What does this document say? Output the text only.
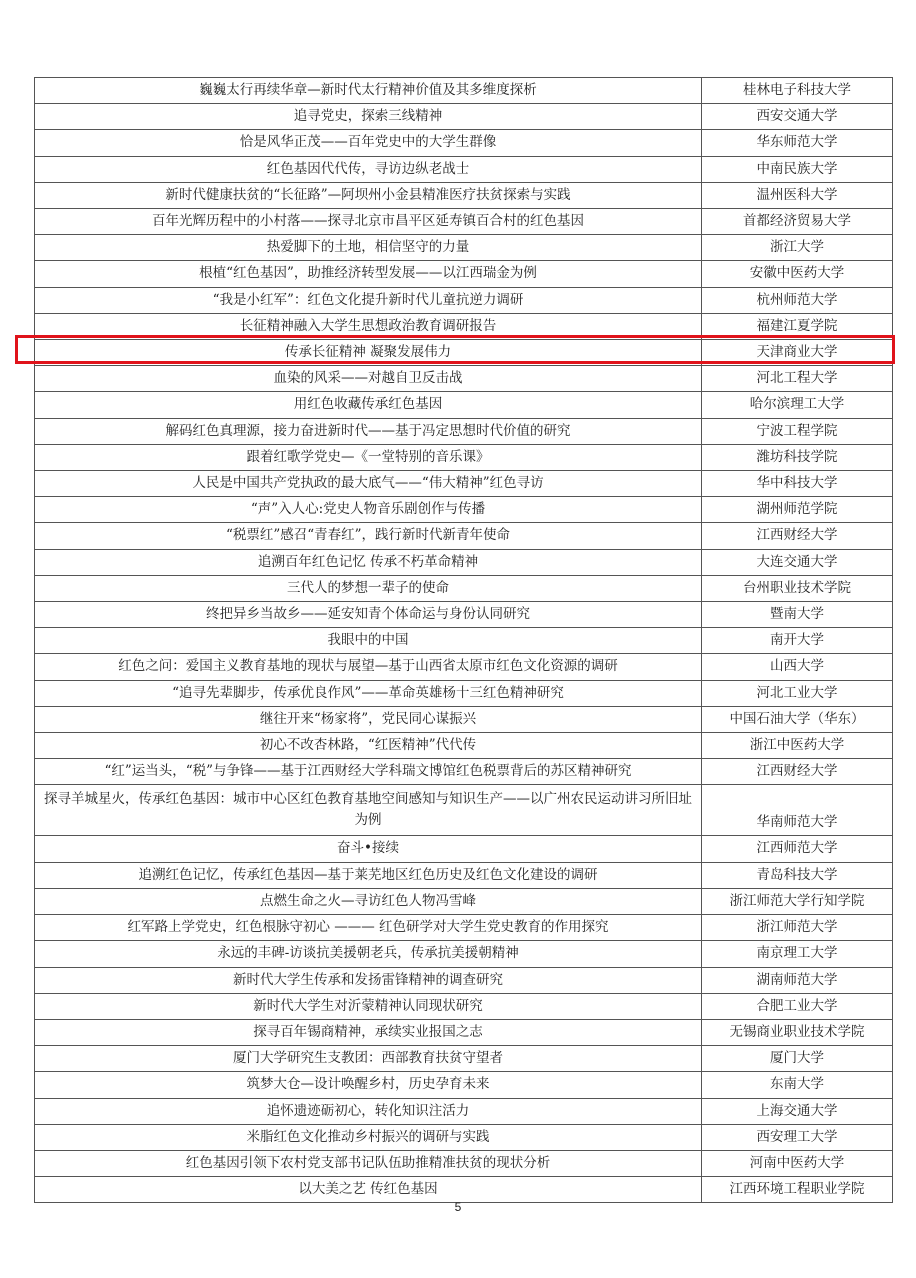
巍巍太行再续华章—新时代太行精神价值及其多维度探析	桂林电子科技大学
追寻党史，探索三线精神	西安交通大学
恰是风华正茂——百年党史中的大学生群像	华东师范大学
红色基因代代传，寻访边纵老战士	中南民族大学
新时代健康扶贫的“长征路”—阿坝州小金县精准医疗扶贫探索与实践	温州医科大学
百年光辉历程中的小村落——探寻北京市昌平区延寿镇百合村的红色基因	首都经济贸易大学
热爱脚下的土地，相信坚守的力量	浙江大学
根植“红色基因”，助推经济转型发展——以江西瑞金为例	安徽中医药大学
“我是小红军”：红色文化提升新时代儿童抗逆力调研	杭州师范大学
长征精神融入大学生思想政治教育调研报告	福建江夏学院
传承长征精神 凝聚发展伟力	天津商业大学
血染的风采——对越自卫反击战	河北工程大学
用红色收藏传承红色基因	哈尔滨理工大学
解码红色真理源，接力奋进新时代——基于冯定思想时代价值的研究	宁波工程学院
跟着红歌学党史—《一堂特别的音乐课》	潍坊科技学院
人民是中国共产党执政的最大底气——“伟大精神”红色寻访	华中科技大学
“声”入人心:党史人物音乐剧创作与传播	湖州师范学院
“税票红”感召“青春红”，践行新时代新青年使命	江西财经大学
追溯百年红色记忆 传承不朽革命精神	大连交通大学
三代人的梦想一辈子的使命	台州职业技术学院
终把异乡当故乡——延安知青个体命运与身份认同研究	暨南大学
我眼中的中国	南开大学
红色之问：爱国主义教育基地的现状与展望—基于山西省太原市红色文化资源的调研	山西大学
“追寻先辈脚步，传承优良作风”——革命英雄杨十三红色精神研究	河北工业大学
继往开来“杨家将”，党民同心谋振兴	中国石油大学（华东）
初心不改杏林路，“红医精神”代代传	浙江中医药大学
“红”运当头，“税”与争锋——基于江西财经大学科瑞文博馆红色税票背后的苏区精神研究	江西财经大学
探寻羊城星火，传承红色基因：城市中心区红色教育基地空间感知与知识生产——以广州农民运动讲习所旧址为例	华南师范大学
奋斗•接续	江西师范大学
追溯红色记忆，传承红色基因—基于莱芜地区红色历史及红色文化建设的调研	青岛科技大学
点燃生命之火—寻访红色人物冯雪峰	浙江师范大学行知学院
红军路上学党史，红色根脉守初心 ——— 红色研学对大学生党史教育的作用探究	浙江师范大学
永远的丰碑-访谈抗美援朝老兵，传承抗美援朝精神	南京理工大学
新时代大学生传承和发扬雷锋精神的调查研究	湖南师范大学
新时代大学生对沂蒙精神认同现状研究	合肥工业大学
探寻百年锡商精神，承续实业报国之志	无锡商业职业技术学院
厦门大学研究生支教团：西部教育扶贫守望者	厦门大学
筑梦大仓—设计唤醒乡村，历史孕育未来	东南大学
追怀遗迹砺初心，转化知识注活力	上海交通大学
米脂红色文化推动乡村振兴的调研与实践	西安理工大学
红色基因引领下农村党支部书记队伍助推精准扶贫的现状分析	河南中医药大学
以大美之艺 传红色基因	江西环境工程职业学院
5
